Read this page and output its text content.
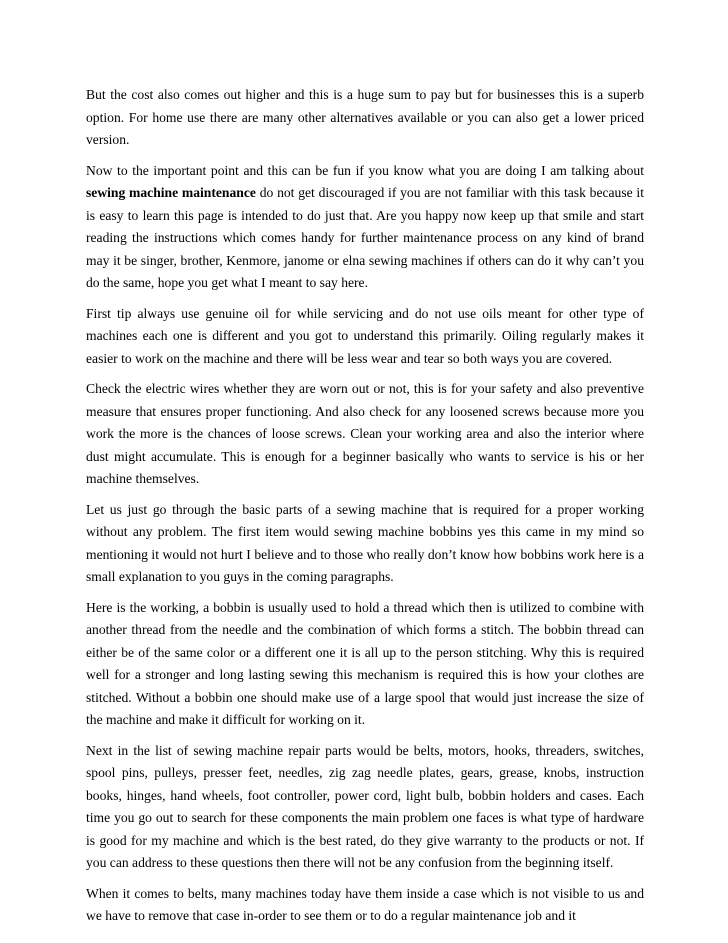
But the cost also comes out higher and this is a huge sum to pay but for businesses this is a superb option. For home use there are many other alternatives available or you can also get a lower priced version.

Now to the important point and this can be fun if you know what you are doing I am talking about sewing machine maintenance do not get discouraged if you are not familiar with this task because it is easy to learn this page is intended to do just that. Are you happy now keep up that smile and start reading the instructions which comes handy for further maintenance process on any kind of brand may it be singer, brother, Kenmore, janome or elna sewing machines if others can do it why can’t you do the same, hope you get what I meant to say here.

First tip always use genuine oil for while servicing and do not use oils meant for other type of machines each one is different and you got to understand this primarily. Oiling regularly makes it easier to work on the machine and there will be less wear and tear so both ways you are covered.

Check the electric wires whether they are worn out or not, this is for your safety and also preventive measure that ensures proper functioning. And also check for any loosened screws because more you work the more is the chances of loose screws. Clean your working area and also the interior where dust might accumulate. This is enough for a beginner basically who wants to service is his or her machine themselves.

Let us just go through the basic parts of a sewing machine that is required for a proper working without any problem. The first item would sewing machine bobbins yes this came in my mind so mentioning it would not hurt I believe and to those who really don’t know how bobbins work here is a small explanation to you guys in the coming paragraphs.

Here is the working, a bobbin is usually used to hold a thread which then is utilized to combine with another thread from the needle and the combination of which forms a stitch. The bobbin thread can either be of the same color or a different one it is all up to the person stitching. Why this is required well for a stronger and long lasting sewing this mechanism is required this is how your clothes are stitched. Without a bobbin one should make use of a large spool that would just increase the size of the machine and make it difficult for working on it.

Next in the list of sewing machine repair parts would be belts, motors, hooks, threaders, switches, spool pins, pulleys, presser feet, needles, zig zag needle plates, gears, grease, knobs, instruction books, hinges, hand wheels, foot controller, power cord, light bulb, bobbin holders and cases. Each time you go out to search for these components the main problem one faces is what type of hardware is good for my machine and which is the best rated, do they give warranty to the products or not. If you can address to these questions then there will not be any confusion from the beginning itself.

When it comes to belts, many machines today have them inside a case which is not visible to us and we have to remove that case in-order to see them or to do a regular maintenance job and it
